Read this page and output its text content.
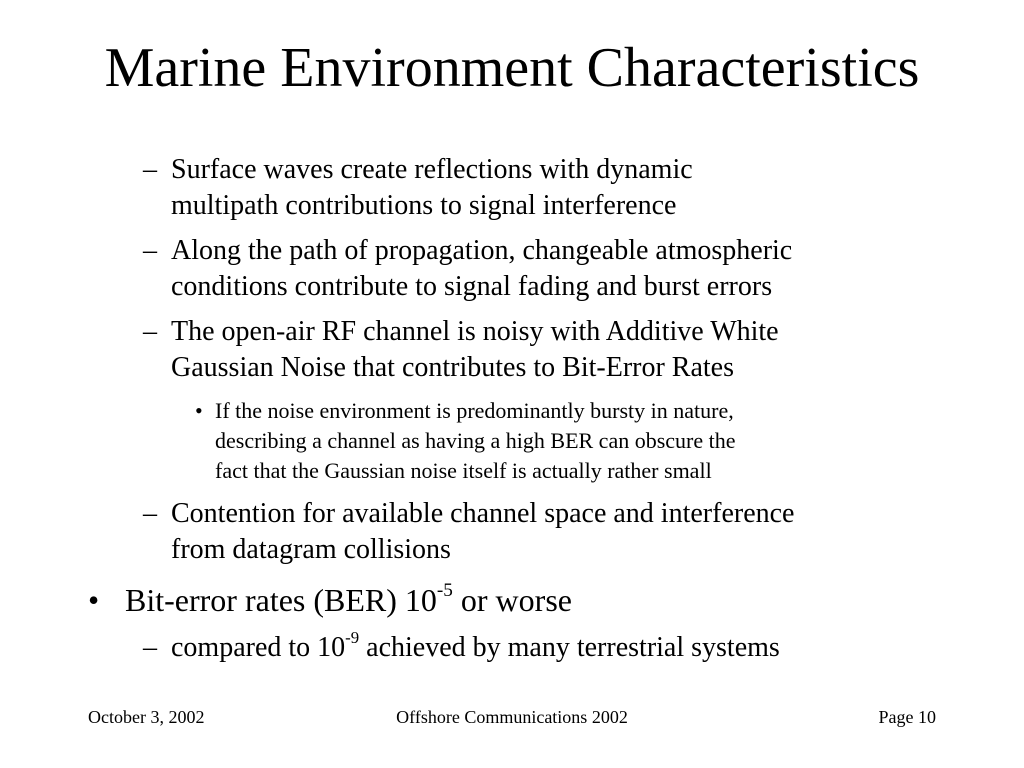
Marine Environment Characteristics
– Surface waves create reflections with dynamic
multipath contributions to signal interference
– Along the path of propagation, changeable atmospheric
conditions contribute to signal fading and burst errors
– The open-air RF channel is noisy with Additive White
Gaussian Noise that contributes to Bit-Error Rates
• If the noise environment is predominantly bursty in nature,
describing a channel as having a high BER can obscure the
fact that the Gaussian noise itself is actually rather small
– Contention for available channel space and interference
from datagram collisions
• Bit-error rates (BER) $10^{-5}$ or worse
– compared to $10^{-9}$ achieved by many terrestrial systems
October 3, 2002	Offshore Communications 2002	Page 10
